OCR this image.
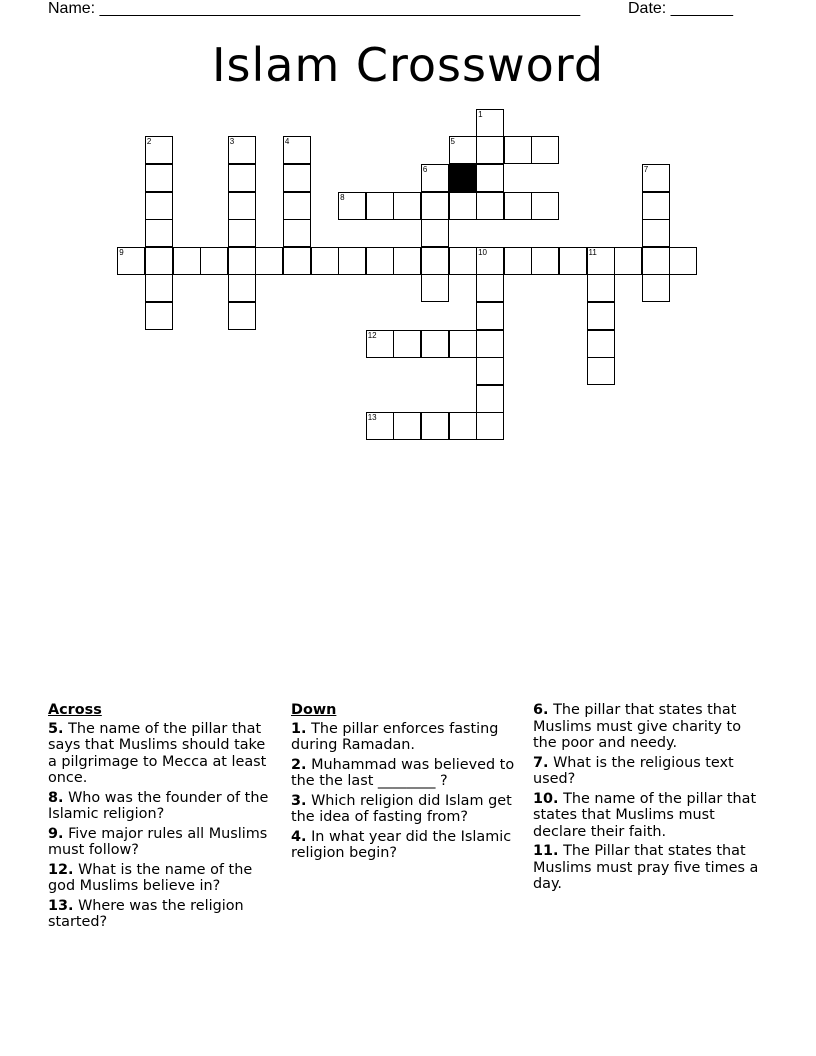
Name: ______________________________________________________	Date: _______
Islam Crossword
1
2	3	4	5
6	7
8
9	10	11
12
13
Across
5. The name of the pillar that says that Muslims should take a pilgrimage to Mecca at least once.
8. Who was the founder of the Islamic religion?
9. Five major rules all Muslims must follow?
12. What is the name of the god Muslims believe in?
13. Where was the religion started?
Down
1. The pillar enforces fasting during Ramadan.
2. Muhammad was believed to the the last ________ ?
3. Which religion did Islam get the idea of fasting from?
4. In what year did the Islamic religion begin?
6. The pillar that states that Muslims must give charity to the poor and needy.
7. What is the religious text used?
10. The name of the pillar that states that Muslims must declare their faith.
11. The Pillar that states that Muslims must pray five times a day.
